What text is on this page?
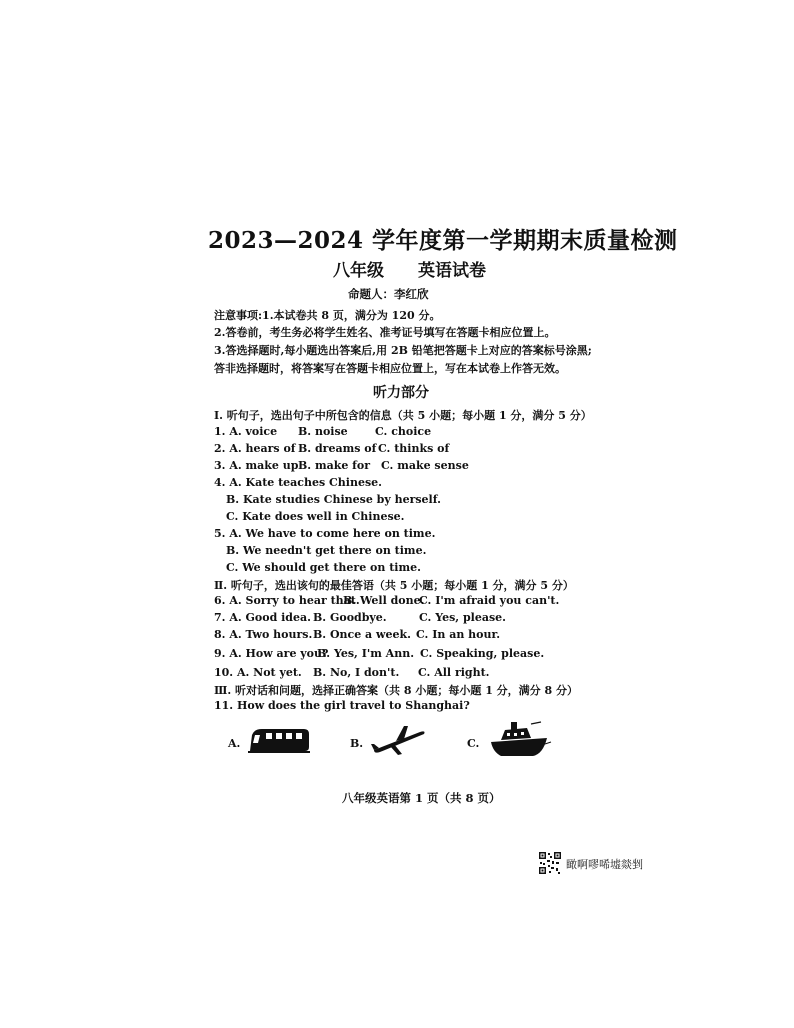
2023—2024 学年度第一学期期末质量检测
八年级 英语试卷
命题人：李红欣
注意事项:1.本试卷共 8 页，满分为 120 分。
2.答卷前，考生务必将学生姓名、准考证号填写在答题卡相应位置上。
3.答选择题时,每小题选出答案后,用 2B 铅笔把答题卡上对应的答案标号涂黑;
答非选择题时，将答案写在答题卡相应位置上，写在本试卷上作答无效。
听力部分
Ⅰ. 听句子，选出句子中所包含的信息（共 5 小题；每小题 1 分，满分 5 分）
1. A. voice B. noise C. choice
2. A. hears of B. dreams of C. thinks of
3. A. make up B. make for C. make sense
4. A. Kate teaches Chinese.
B. Kate studies Chinese by herself.
C. Kate does well in Chinese.
5. A. We have to come here on time.
B. We needn't get there on time.
C. We should get there on time.
Ⅱ. 听句子，选出该句的最佳答语（共 5 小题；每小题 1 分，满分 5 分）
6. A. Sorry to hear that.
B. Well done.
C. I'm afraid you can't.
7. A. Good idea. B. Goodbye.	C. Yes, please.
8. A. Two hours. B. Once a week. C. In an hour.
9. A. How are you?
B. Yes, I'm Ann. C. Speaking, please.
10. A. Not yet. B. No, I don't. C. All right.
Ⅲ. 听对话和问题，选择正确答案（共 8 小题；每小题 1 分，满分 8 分）
11. How does the girl travel to Shanghai?
A.	B.	C.
八年级英语第 1 页（共 8 页）
瞰啊嘐唏墟燚剉
